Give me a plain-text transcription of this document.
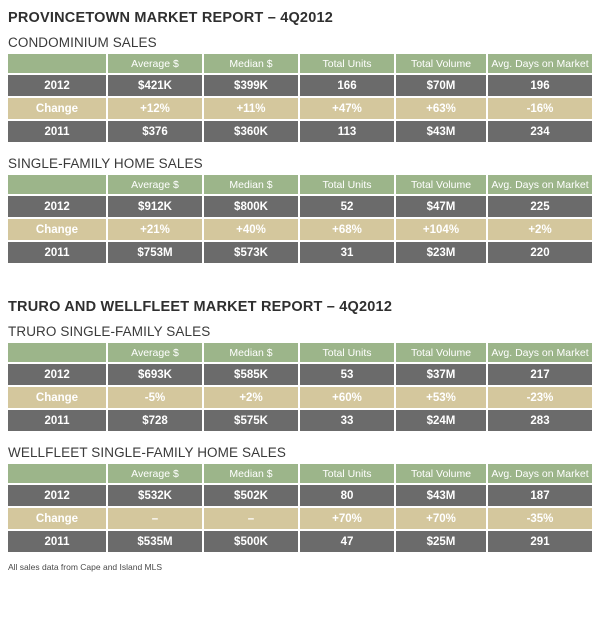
PROVINCETOWN MARKET REPORT – 4Q2012
CONDOMINIUM SALES
	Average $	Median $	Total Units	Total Volume	Avg. Days on Market
2012	$421K	$399K	166	$70M	196
Change	+12%	+11%	+47%	+63%	-16%
2011	$376	$360K	113	$43M	234
SINGLE-FAMILY HOME SALES
	Average $	Median $	Total Units	Total Volume	Avg. Days on Market
2012	$912K	$800K	52	$47M	225
Change	+21%	+40%	+68%	+104%	+2%
2011	$753M	$573K	31	$23M	220
TRURO AND WELLFLEET MARKET REPORT – 4Q2012
TRURO SINGLE-FAMILY SALES
	Average $	Median $	Total Units	Total Volume	Avg. Days on Market
2012	$693K	$585K	53	$37M	217
Change	-5%	+2%	+60%	+53%	-23%
2011	$728	$575K	33	$24M	283
WELLFLEET SINGLE-FAMILY HOME SALES
	Average $	Median $	Total Units	Total Volume	Avg. Days on Market
2012	$532K	$502K	80	$43M	187
Change	–	–	+70%	+70%	-35%
2011	$535M	$500K	47	$25M	291
All sales data from Cape and Island MLS
